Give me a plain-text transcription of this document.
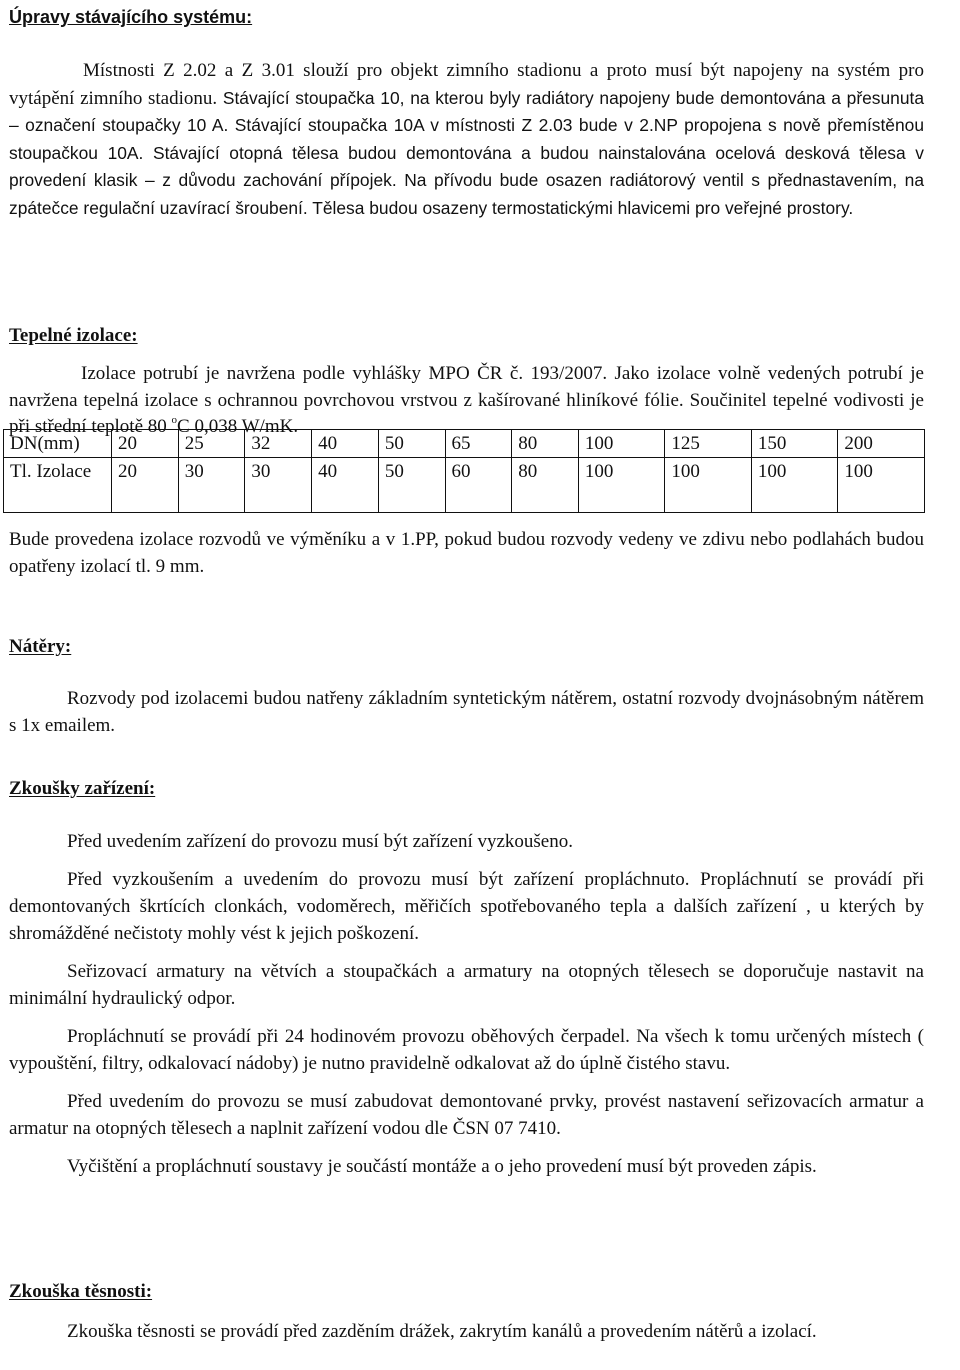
Úpravy stávajícího systému:

Místnosti Z 2.02 a Z 3.01 slouží pro objekt zimního stadionu a proto musí být napojeny na systém pro vytápění zimního stadionu. Stávající stoupačka 10, na kterou byly radiátory napojeny bude demontována a přesunuta – označení stoupačky 10 A. Stávající stoupačka 10A v místnosti Z 2.03 bude v 2.NP propojena s nově přemístěnou stoupačkou 10A. Stávající otopná tělesa budou demontována a budou nainstalována ocelová desková tělesa v provedení klasik – z důvodu zachování přípojek. Na přívodu bude osazen radiátorový ventil s přednastavením, na zpátečce regulační uzavírací šroubení. Tělesa budou osazeny termostatickými hlavicemi pro veřejné prostory.

Tepelné izolace:

Izolace potrubí je navržena podle vyhlášky MPO ČR č. 193/2007. Jako izolace volně vedených potrubí je navržena tepelná izolace s ochrannou povrchovou vrstvou z kašírované hliníkové fólie. Součinitel tepelné vodivosti je při střední teplotě 80 $^o$C 0,038 W/mK.

DN(mm)	20	25	32	40	50	65	80	100	125	150	200
Tl. Izolace	20	30	30	40	50	60	80	100	100	100	100

Bude provedena izolace rozvodů ve výměníku a v 1.PP, pokud budou rozvody vedeny ve zdivu nebo podlahách budou opatřeny izolací tl. 9 mm.

Nátěry:

Rozvody pod izolacemi budou natřeny základním syntetickým nátěrem, ostatní rozvody dvojnásobným nátěrem s 1x emailem.

Zkoušky zařízení:

Před uvedením zařízení do provozu musí být zařízení vyzkoušeno.

Před vyzkoušením a uvedením do provozu musí být zařízení propláchnuto. Propláchnutí se provádí při demontovaných škrtících clonkách, vodoměrech, měřičích spotřebovaného tepla a dalších zařízení , u kterých by shromážděné nečistoty mohly vést k jejich poškození.

Seřizovací armatury na větvích a stoupačkách a armatury na otopných tělesech se doporučuje nastavit na minimální hydraulický odpor.

Propláchnutí se provádí při 24 hodinovém provozu oběhových čerpadel. Na všech k tomu určených místech ( vypouštění, filtry, odkalovací nádoby) je nutno pravidelně odkalovat až do úplně čistého stavu.

Před uvedením do provozu se musí zabudovat demontované prvky, provést nastavení seřizovacích armatur a armatur na otopných tělesech a naplnit zařízení vodou dle ČSN 07 7410.

Vyčištění a propláchnutí soustavy je součástí montáže a o jeho provedení musí být proveden zápis.

Zkouška těsnosti:

Zkouška těsnosti se provádí před zazděním drážek, zakrytím kanálů a provedením nátěrů a izolací.
